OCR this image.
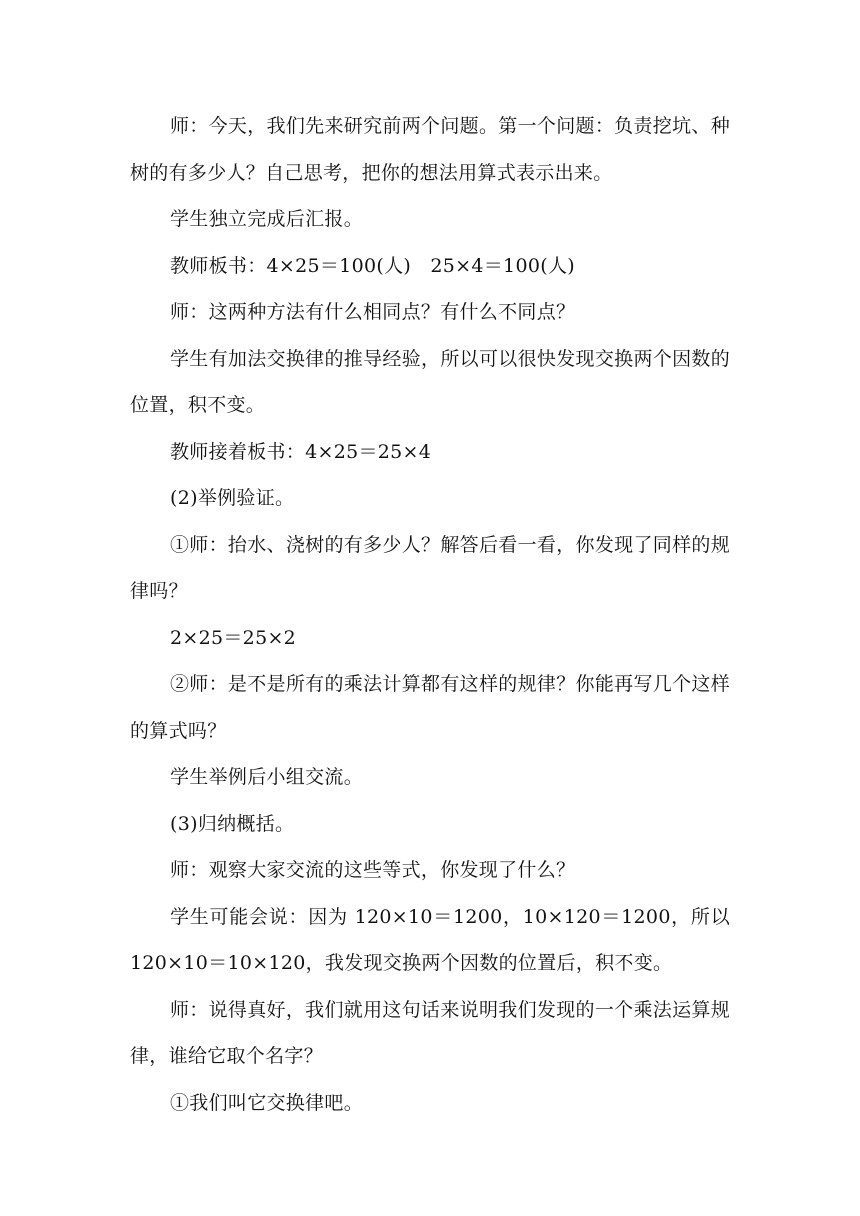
师：今天，我们先来研究前两个问题。第一个问题：负责挖坑、种树的有多少人？自己思考，把你的想法用算式表示出来。

学生独立完成后汇报。

教师板书：4×25＝100(人)　25×4＝100(人)

师：这两种方法有什么相同点？有什么不同点？

学生有加法交换律的推导经验，所以可以很快发现交换两个因数的位置，积不变。

教师接着板书：4×25＝25×4

(2)举例验证。

①师：抬水、浇树的有多少人？解答后看一看，你发现了同样的规律吗？

2×25＝25×2

②师：是不是所有的乘法计算都有这样的规律？你能再写几个这样的算式吗？

学生举例后小组交流。

(3)归纳概括。

师：观察大家交流的这些等式，你发现了什么？

学生可能会说：因为 120×10＝1200，10×120＝1200，所以120×10＝10×120，我发现交换两个因数的位置后，积不变。

师：说得真好，我们就用这句话来说明我们发现的一个乘法运算规律，谁给它取个名字？

①我们叫它交换律吧。
